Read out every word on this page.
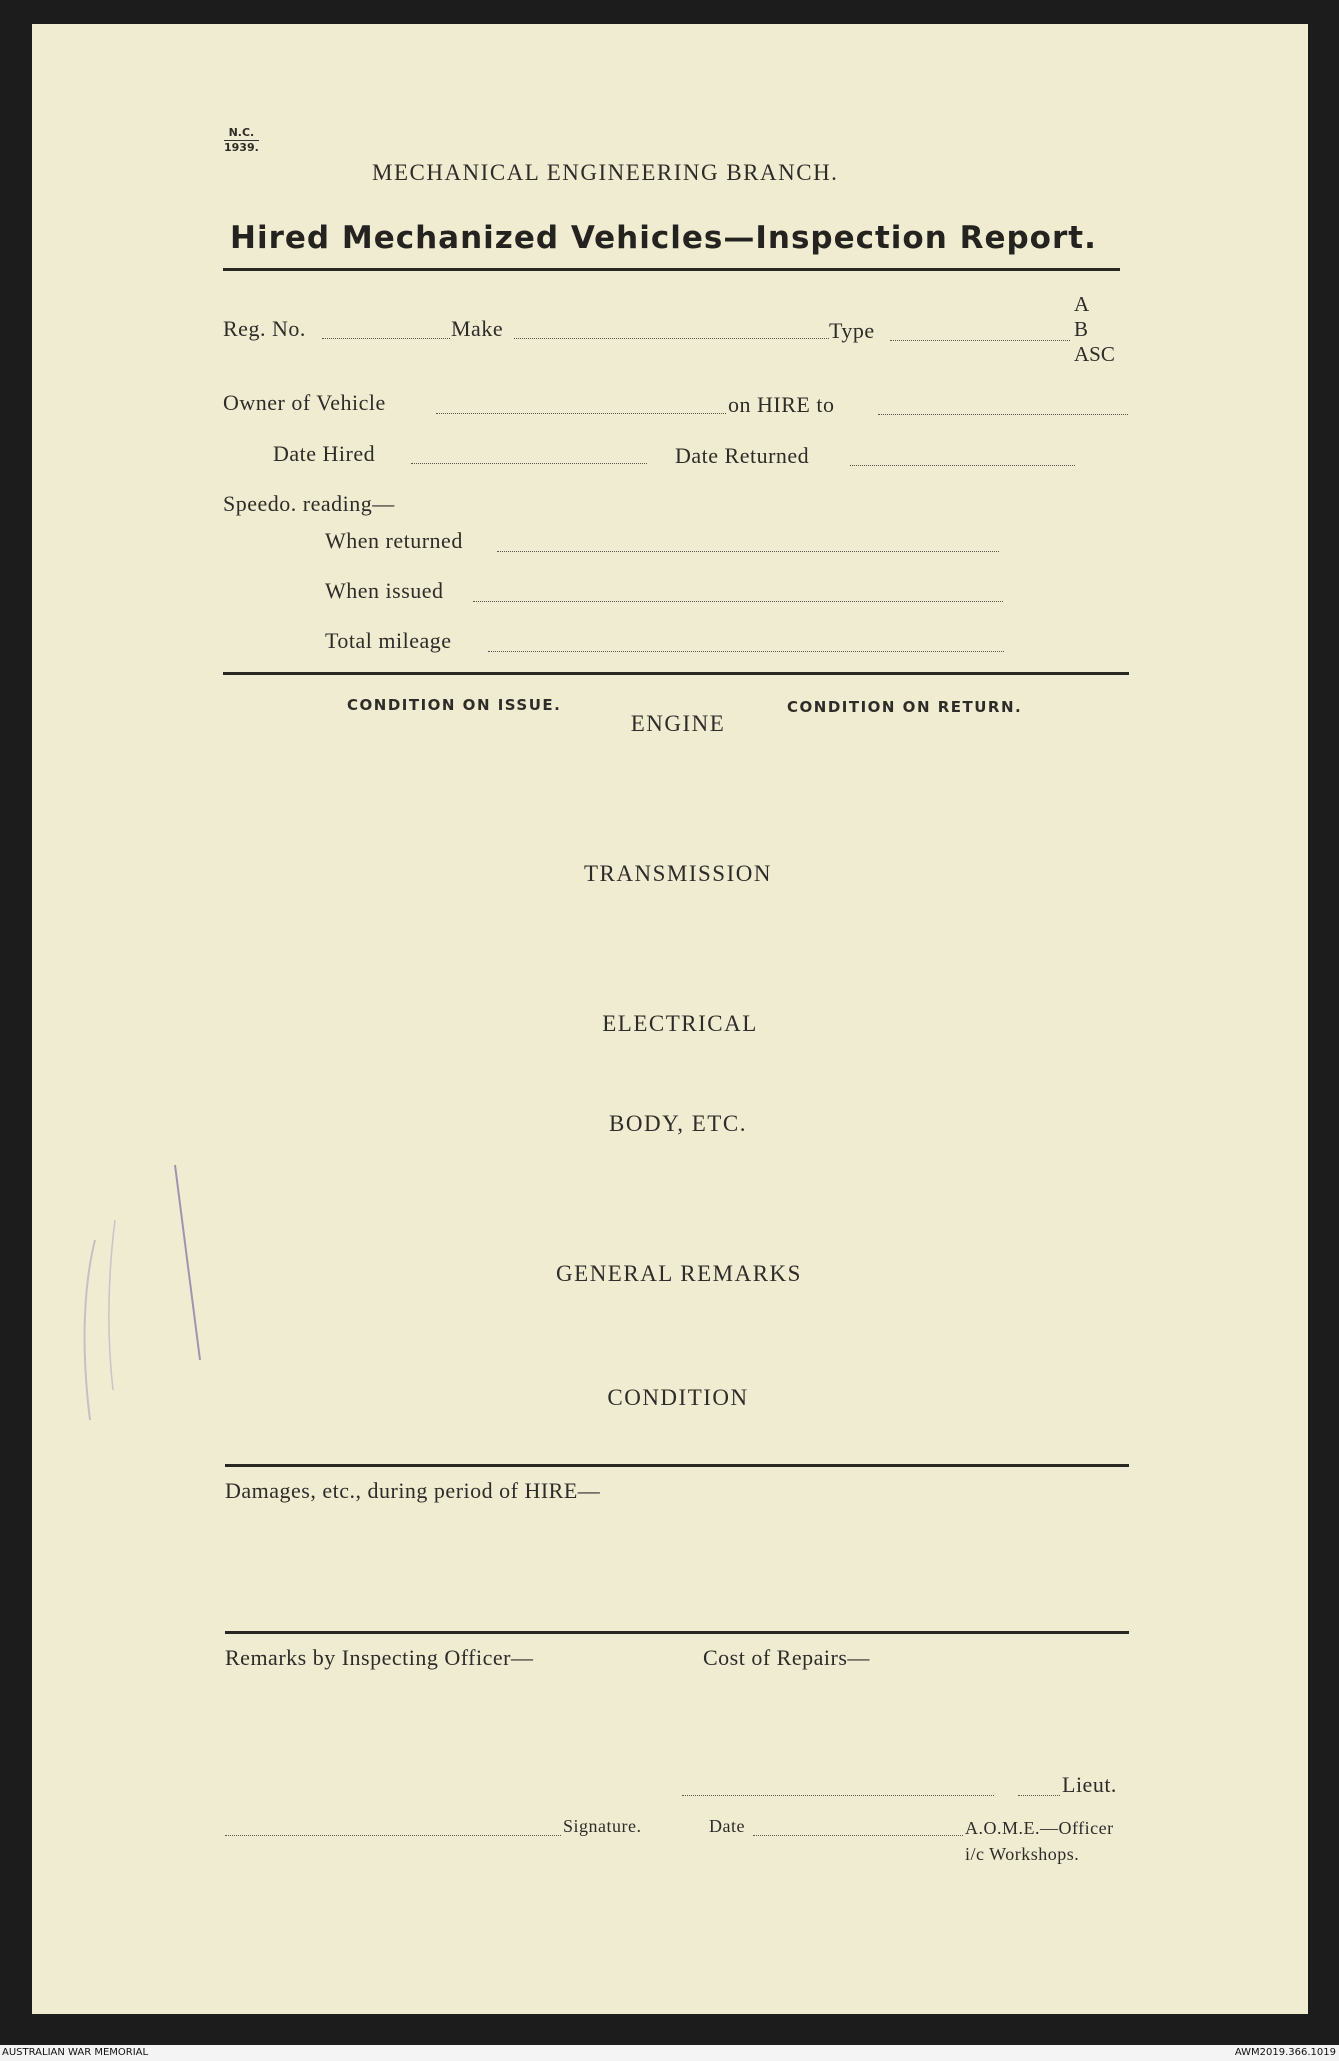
N.C.
1939.
MECHANICAL ENGINEERING BRANCH.
Hired Mechanized Vehicles—Inspection Report.
Reg. No.	Make	Type
A
B
ASC
Owner of Vehicle	on HIRE to
Date Hired	Date Returned
Speedo. reading—
When returned
When issued
Total mileage
CONDITION ON ISSUE.	CONDITION ON RETURN.
ENGINE
TRANSMISSION
ELECTRICAL
BODY, ETC.
GENERAL REMARKS
CONDITION
Damages, etc., during period of HIRE—
Remarks by Inspecting Officer—	Cost of Repairs—
Lieut.
Signature.	Date	A.O.M.E.—Officer
i/c Workshops.
AUSTRALIAN WAR MEMORIAL	AWM2019.366.1019
